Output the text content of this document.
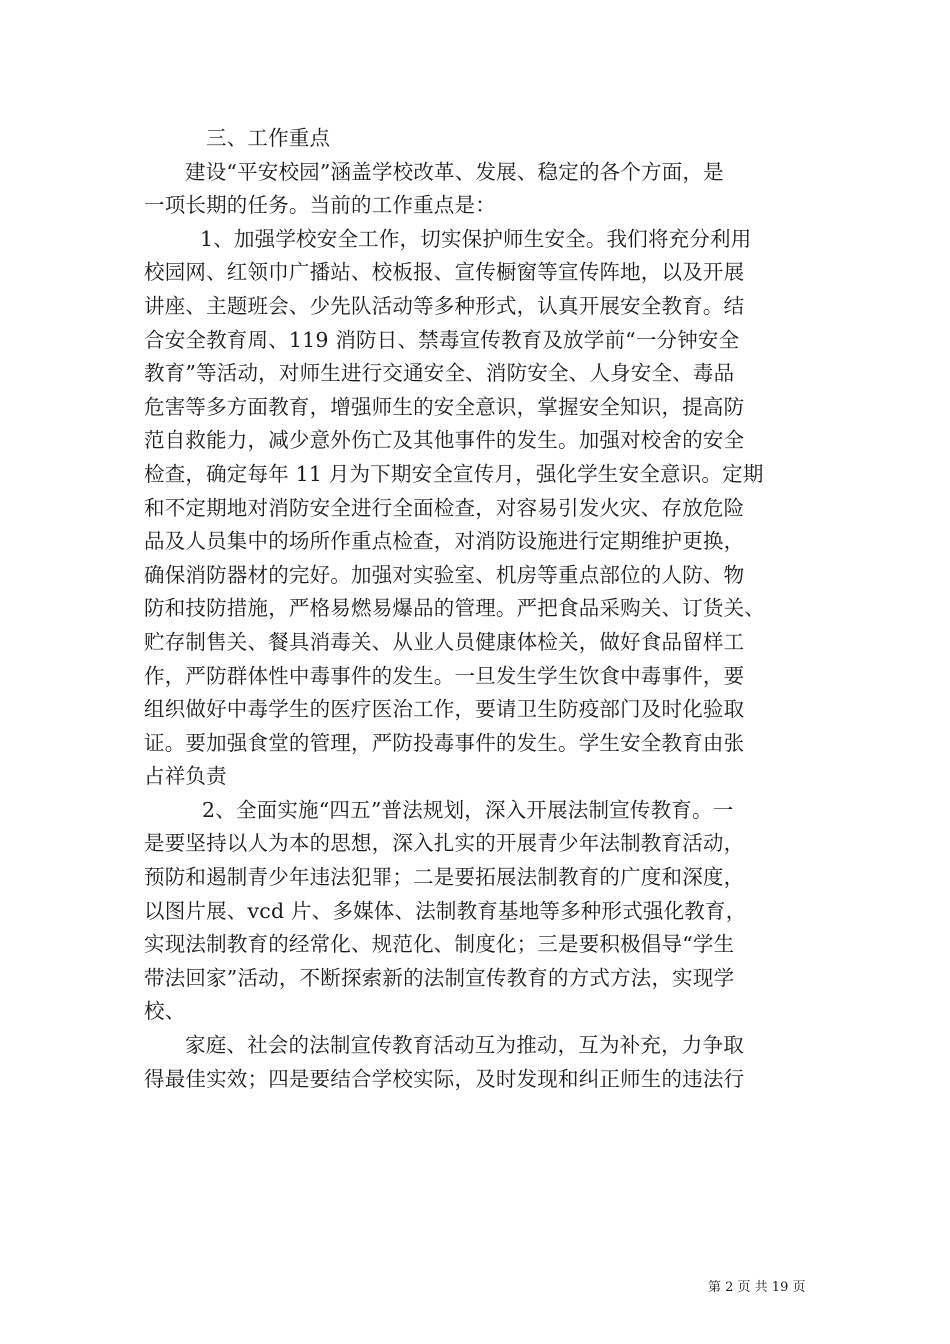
三、工作重点
建设“平安校园”涵盖学校改革、发展、稳定的各个方面，是
一项长期的任务。当前的工作重点是：
1、加强学校安全工作，切实保护师生安全。我们将充分利用
校园网、红领巾广播站、校板报、宣传橱窗等宣传阵地，以及开展
讲座、主题班会、少先队活动等多种形式，认真开展安全教育。结
合安全教育周、119 消防日、禁毒宣传教育及放学前“一分钟安全
教育”等活动，对师生进行交通安全、消防安全、人身安全、毒品
危害等多方面教育，增强师生的安全意识，掌握安全知识，提高防
范自救能力，减少意外伤亡及其他事件的发生。加强对校舍的安全
检查，确定每年 11 月为下期安全宣传月，强化学生安全意识。定期
和不定期地对消防安全进行全面检查，对容易引发火灾、存放危险
品及人员集中的场所作重点检查，对消防设施进行定期维护更换，
确保消防器材的完好。加强对实验室、机房等重点部位的人防、物
防和技防措施，严格易燃易爆品的管理。严把食品采购关、订货关、
贮存制售关、餐具消毒关、从业人员健康体检关，做好食品留样工
作，严防群体性中毒事件的发生。一旦发生学生饮食中毒事件，要
组织做好中毒学生的医疗医治工作，要请卫生防疫部门及时化验取
证。要加强食堂的管理，严防投毒事件的发生。学生安全教育由张
占祥负责
2、全面实施“四五”普法规划，深入开展法制宣传教育。一
是要坚持以人为本的思想，深入扎实的开展青少年法制教育活动，
预防和遏制青少年违法犯罪；二是要拓展法制教育的广度和深度，
以图片展、vcd 片、多媒体、法制教育基地等多种形式强化教育，
实现法制教育的经常化、规范化、制度化；三是要积极倡导“学生
带法回家”活动，不断探索新的法制宣传教育的方式方法，实现学
校、
家庭、社会的法制宣传教育活动互为推动，互为补充，力争取
得最佳实效；四是要结合学校实际，及时发现和纠正师生的违法行
第 2 页 共 19 页
